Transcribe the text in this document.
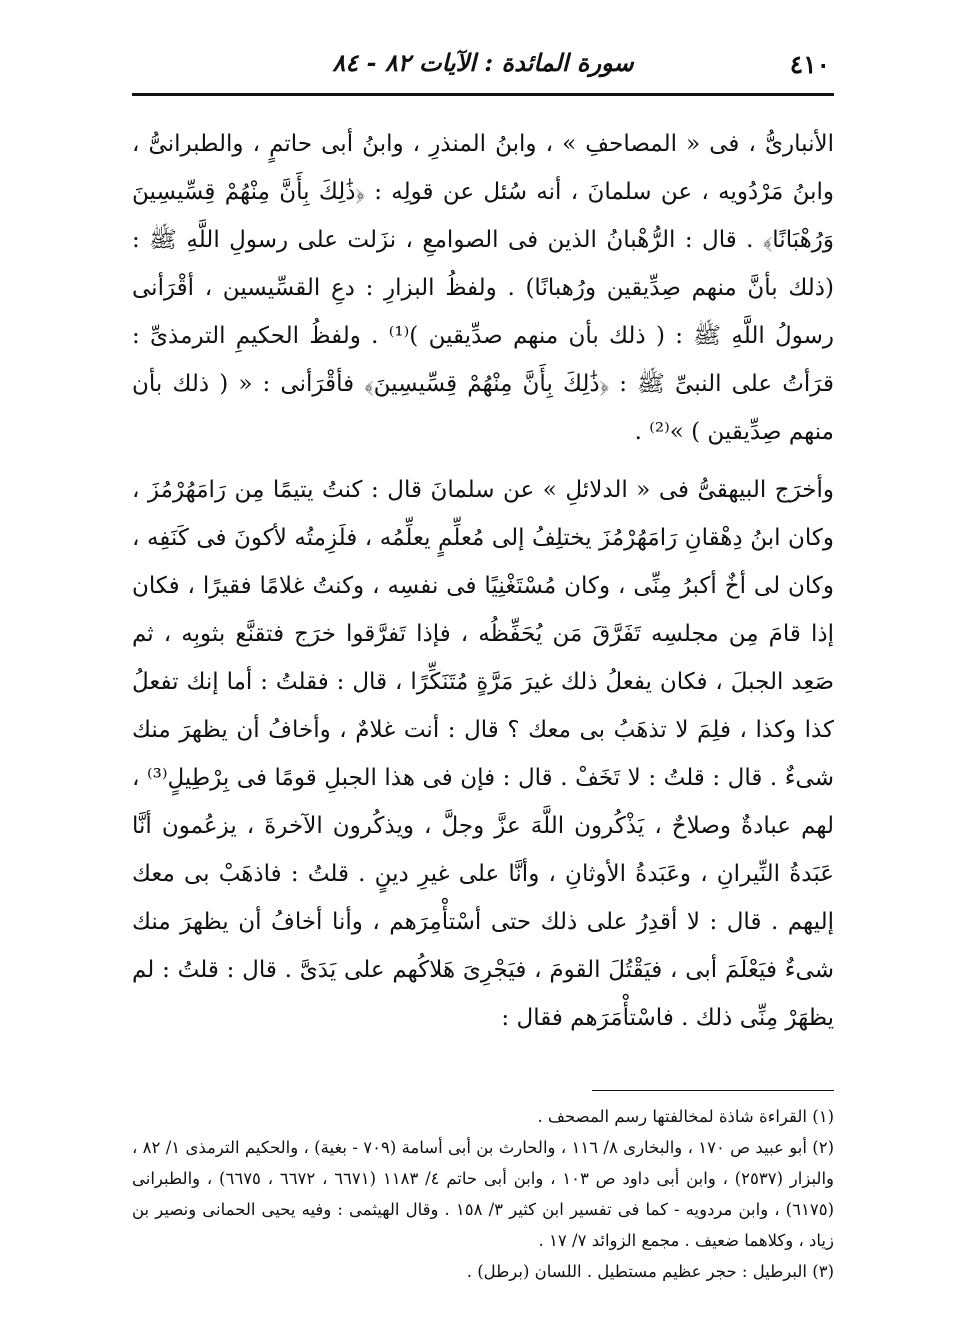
٤١٠
سورة المائدة : الآيات ٨٢ - ٨٤

الأنبارىُّ ، فى « المصاحفِ » ، وابنُ المنذرِ ، وابنُ أبى حاتمٍ ، والطبرانىُّ ، وابنُ مَرْدُويه ، عن سلمانَ ، أنه سُئل عن قولِه : ﴿ذَٰلِكَ بِأَنَّ مِنْهُمْ قِسِّيسِينَ وَرُهْبَانًا﴾ . قال : الرُّهْبانُ الذين فى الصوامعِ ، نزَلت على رسولِ اللَّهِ ﷺ : (ذلك بأنَّ منهم صِدِّيقين ورُهبانًا) . ولفظُ البزارِ : دعِ القسِّيسين ، أقْرَأنى رسولُ اللَّهِ ﷺ : ( ذلك بأن منهم صدِّيقين )⁽¹⁾ . ولفظُ الحكيمِ الترمذىِّ : قرَأتُ على النبىِّ ﷺ : ﴿ذَٰلِكَ بِأَنَّ مِنْهُمْ قِسِّيسِينَ﴾ فأقْرَأنى : « ( ذلك بأن منهم صِدِّيقين ) »⁽²⁾ .

وأخرَج البيهقىُّ فى « الدلائلِ » عن سلمانَ قال : كنتُ يتيمًا مِن رَامَهُرْمُزَ ، وكان ابنُ دِهْقانِ رَامَهُرْمُزَ يختلِفُ إلى مُعلِّمٍ يعلِّمُه ، فلَزِمتُه لأكونَ فى كَنَفِه ، وكان لى أخٌ أكبرُ مِنِّى ، وكان مُسْتَغْنِيًا فى نفسِه ، وكنتُ غلامًا فقيرًا ، فكان إذا قامَ مِن مجلسِه تَفَرَّقَ مَن يُحَفِّظُه ، فإذا تَفرَّقوا خرَج فتقنَّع بثوبِه ، ثم صَعِد الجبلَ ، فكان يفعلُ ذلك غيرَ مَرَّةٍ مُتَنَكِّرًا ، قال : فقلتُ : أما إنك تفعلُ كذا وكذا ، فلِمَ لا تذهَبُ بى معك ؟ قال : أنت غلامٌ ، وأخافُ أن يظهرَ منك شىءٌ . قال : قلتُ : لا تَخَفْ . قال : فإن فى هذا الجبلِ قومًا فى بِرْطِيلٍ⁽³⁾ ، لهم عبادةٌ وصلاحٌ ، يَذْكُرون اللَّهَ عزَّ وجلَّ ، ويذكُرون الآخرةَ ، يزعُمون أنَّا عَبَدةُ النِّيرانِ ، وعَبَدةُ الأوثانِ ، وأنَّا على غيرِ دينٍ . قلتُ : فاذهَبْ بى معك إليهم . قال : لا أقدِرُ على ذلك حتى أسْتأْمِرَهم ، وأنا أخافُ أن يظهرَ منك شىءٌ فيَعْلَمَ أبى ، فيَقْتُلَ القومَ ، فيَجْرِىَ هَلاكُهم على يَدَىَّ . قال : قلتُ : لم يظهَرْ مِنِّى ذلك . فاسْتأْمَرَهم فقال :

(١) القراءة شاذة لمخالفتها رسم المصحف .

(٢) أبو عبيد ص ١٧٠ ، والبخارى ٨/ ١١٦ ، والحارث بن أبى أسامة (٧٠٩ - بغية) ، والحكيم الترمذى ١/ ٨٢ ، والبزار (٢٥٣٧) ، وابن أبى داود ص ١٠٣ ، وابن أبى حاتم ٤/ ١١٨٣ (٦٦٧١ ، ٦٦٧٢ ، ٦٦٧٥) ، والطبرانى (٦١٧٥) ، وابن مردويه - كما فى تفسير ابن كثير ٣/ ١٥٨ . وقال الهيثمى : وفيه يحيى الحمانى ونصير بن زياد ، وكلاهما ضعيف . مجمع الزوائد ٧/ ١٧ .

(٣) البرطيل : حجر عظيم مستطيل . اللسان (برطل) .
